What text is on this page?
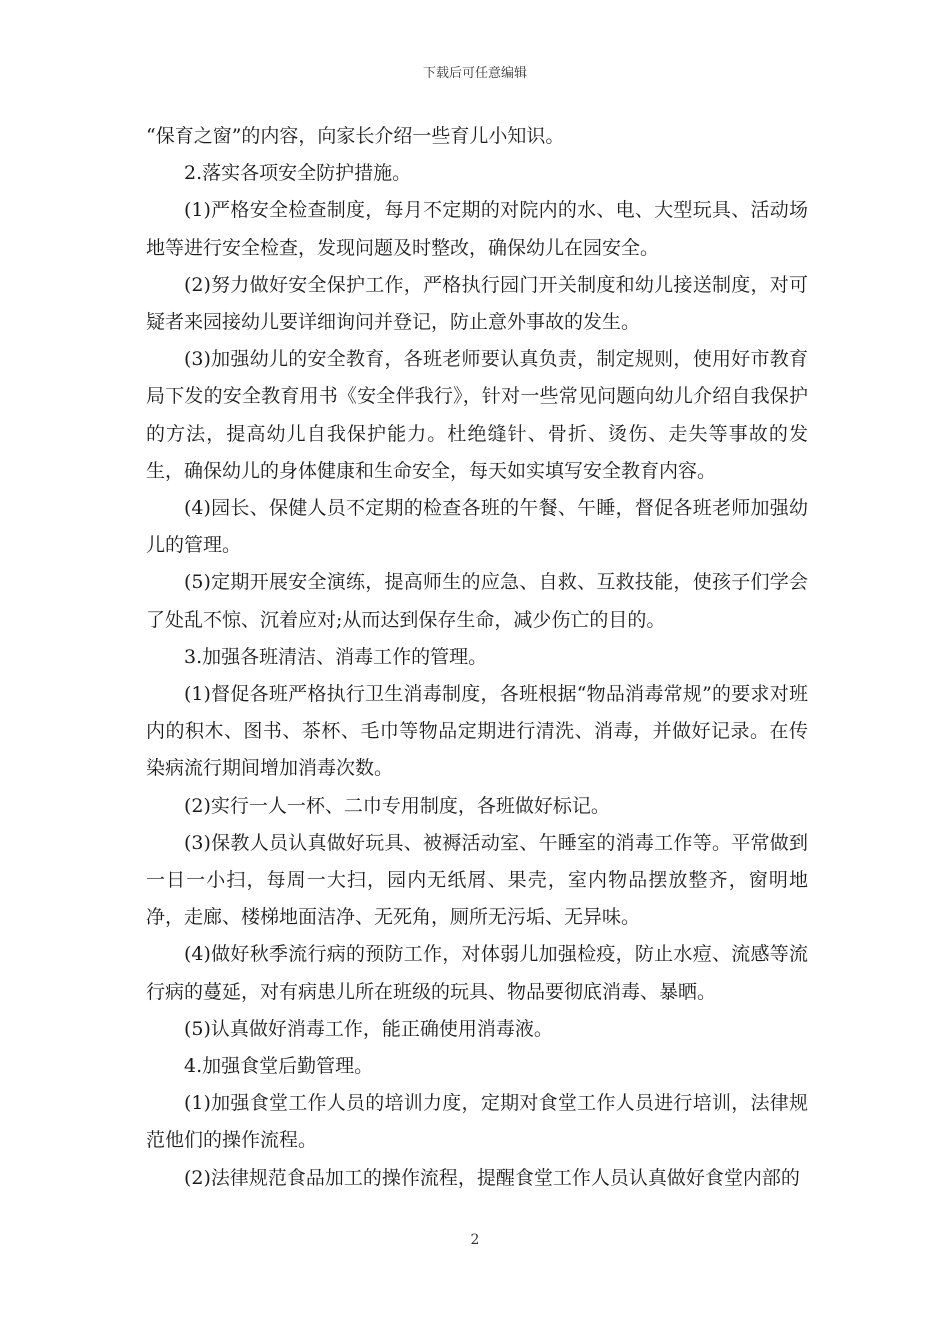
下载后可任意编辑

“保育之窗”的内容，向家长介绍一些育儿小知识。

2.落实各项安全防护措施。

(1)严格安全检查制度，每月不定期的对院内的水、电、大型玩具、活动场地等进行安全检查，发现问题及时整改，确保幼儿在园安全。

(2)努力做好安全保护工作，严格执行园门开关制度和幼儿接送制度，对可疑者来园接幼儿要详细询问并登记，防止意外事故的发生。

(3)加强幼儿的安全教育，各班老师要认真负责，制定规则，使用好市教育局下发的安全教育用书《安全伴我行》，针对一些常见问题向幼儿介绍自我保护的方法，提高幼儿自我保护能力。杜绝缝针、骨折、烫伤、走失等事故的发生，确保幼儿的身体健康和生命安全，每天如实填写安全教育内容。

(4)园长、保健人员不定期的检查各班的午餐、午睡，督促各班老师加强幼儿的管理。

(5)定期开展安全演练，提高师生的应急、自救、互救技能，使孩子们学会了处乱不惊、沉着应对;从而达到保存生命，减少伤亡的目的。

3.加强各班清洁、消毒工作的管理。

(1)督促各班严格执行卫生消毒制度，各班根据“物品消毒常规”的要求对班内的积木、图书、茶杯、毛巾等物品定期进行清洗、消毒，并做好记录。在传染病流行期间增加消毒次数。

(2)实行一人一杯、二巾专用制度，各班做好标记。

(3)保教人员认真做好玩具、被褥活动室、午睡室的消毒工作等。平常做到一日一小扫，每周一大扫，园内无纸屑、果壳，室内物品摆放整齐，窗明地净，走廊、楼梯地面洁净、无死角，厕所无污垢、无异味。

(4)做好秋季流行病的预防工作，对体弱儿加强检疫，防止水痘、流感等流行病的蔓延，对有病患儿所在班级的玩具、物品要彻底消毒、暴晒。

(5)认真做好消毒工作，能正确使用消毒液。

4.加强食堂后勤管理。

(1)加强食堂工作人员的培训力度，定期对食堂工作人员进行培训，法律规范他们的操作流程。

(2)法律规范食品加工的操作流程，提醒食堂工作人员认真做好食堂内部的

2
